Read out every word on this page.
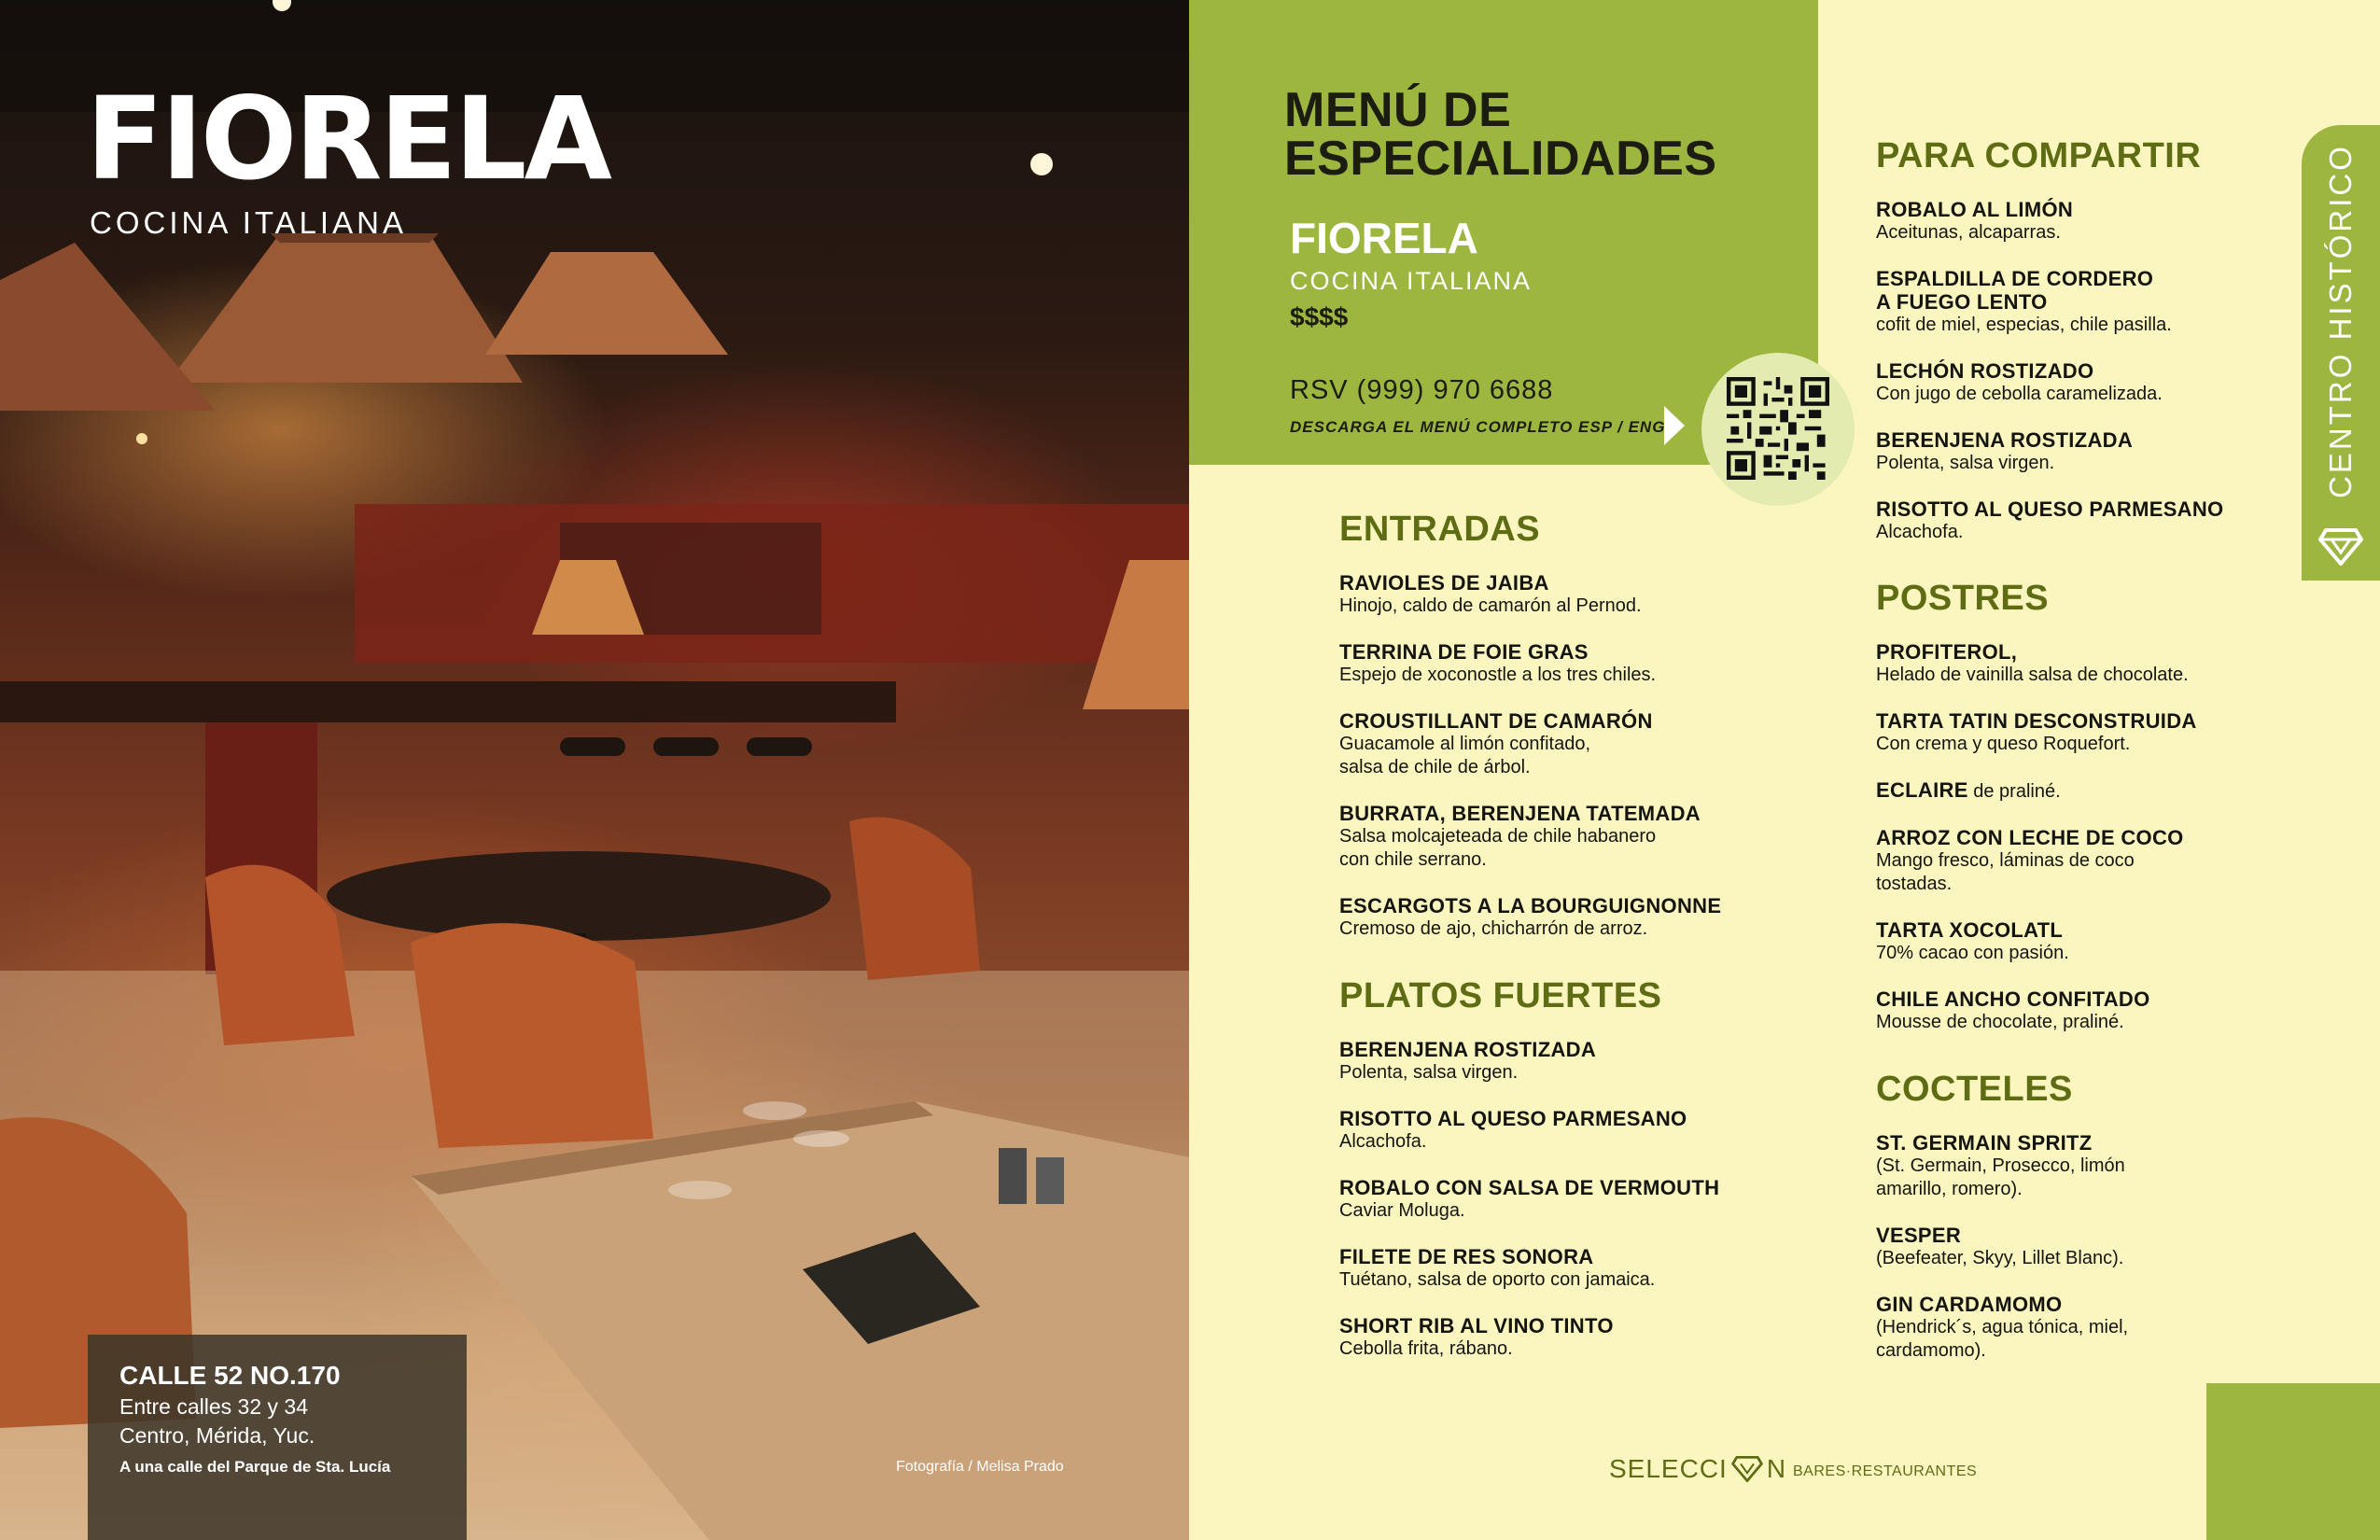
FIORELA
COCINA ITALIANA
CALLE 52 NO.170
Entre calles 32 y 34
Centro, Mérida, Yuc.
A una calle del Parque de Sta. Lucía	Fotografía / Melisa Prado
MENÚ DE
ESPECIALIDADES
FIORELA
COCINA ITALIANA
$$$$
RSV (999) 970 6688
DESCARGA EL MENÚ COMPLETO ESP / ENG
ENTRADAS
RAVIOLES DE JAIBA
Hinojo, caldo de camarón al Pernod.
TERRINA DE FOIE GRAS
Espejo de xoconostle a los tres chiles.
CROUSTILLANT DE CAMARÓN
Guacamole al limón confitado,
salsa de chile de árbol.
BURRATA, BERENJENA TATEMADA
Salsa molcajeteada de chile habanero
con chile serrano.
ESCARGOTS A LA BOURGUIGNONNE
Cremoso de ajo, chicharrón de arroz.
PLATOS FUERTES
BERENJENA ROSTIZADA
Polenta, salsa virgen.
RISOTTO AL QUESO PARMESANO
Alcachofa.
ROBALO CON SALSA DE VERMOUTH
Caviar Moluga.
FILETE DE RES SONORA
Tuétano, salsa de oporto con jamaica.
SHORT RIB AL VINO TINTO
Cebolla frita, rábano.
PARA COMPARTIR
ROBALO AL LIMÓN
Aceitunas, alcaparras.
ESPALDILLA DE CORDERO
A FUEGO LENTO
cofit de miel, especias, chile pasilla.
LECHÓN ROSTIZADO
Con jugo de cebolla caramelizada.
BERENJENA ROSTIZADA
Polenta, salsa virgen.
RISOTTO AL QUESO PARMESANO
Alcachofa.
POSTRES
PROFITEROL,
Helado de vainilla salsa de chocolate.
TARTA TATIN DESCONSTRUIDA
Con crema y queso Roquefort.
ECLAIRE de praliné.
ARROZ CON LECHE DE COCO
Mango fresco, láminas de coco
tostadas.
TARTA XOCOLATL
70% cacao con pasión.
CHILE ANCHO CONFITADO
Mousse de chocolate, praliné.
COCTELES
ST. GERMAIN SPRITZ
(St. Germain, Prosecco, limón
amarillo, romero).
VESPER
(Beefeater, Skyy, Lillet Blanc).
GIN CARDAMOMO
(Hendrick´s, agua tónica, miel,
cardamomo).
CENTRO HISTÓRICO
SELECCI N BARES·RESTAURANTES
